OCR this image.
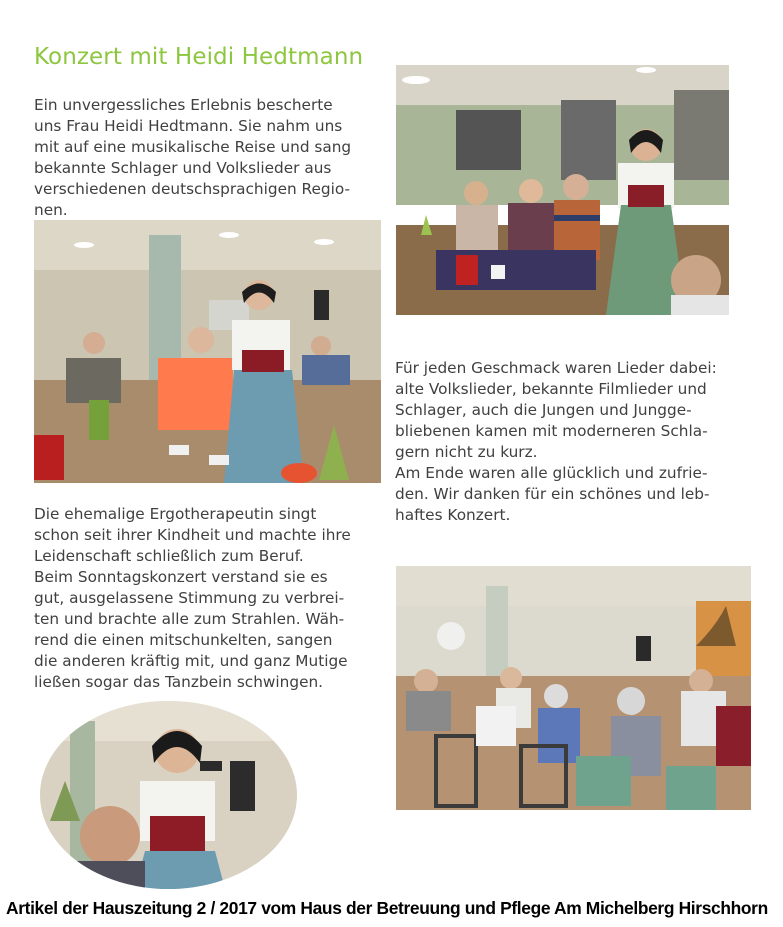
Konzert mit Heidi Hedtmann

Ein unvergessliches Erlebnis bescherte
uns Frau Heidi Hedtmann. Sie nahm uns
mit auf eine musikalische Reise und sang
bekannte Schlager und Volkslieder aus
verschiedenen deutschsprachigen Regio-
nen.

Für jeden Geschmack waren Lieder dabei:
alte Volkslieder, bekannte Filmlieder und
Schlager, auch die Jungen und Jungge-
bliebenen kamen mit moderneren Schla-
gern nicht zu kurz.
Am Ende waren alle glücklich und zufrie-
den. Wir danken für ein schönes und leb-
haftes Konzert.

Die ehemalige Ergotherapeutin singt
schon seit ihrer Kindheit und machte ihre
Leidenschaft schließlich zum Beruf.
Beim Sonntagskonzert verstand sie es
gut, ausgelassene Stimmung zu verbrei-
ten und brachte alle zum Strahlen. Wäh-
rend die einen mitschunkelten, sangen
die anderen kräftig mit, und ganz Mutige
ließen sogar das Tanzbein schwingen.

Artikel der Hauszeitung 2 / 2017 vom Haus der Betreuung und Pflege Am Michelberg Hirschhorn
